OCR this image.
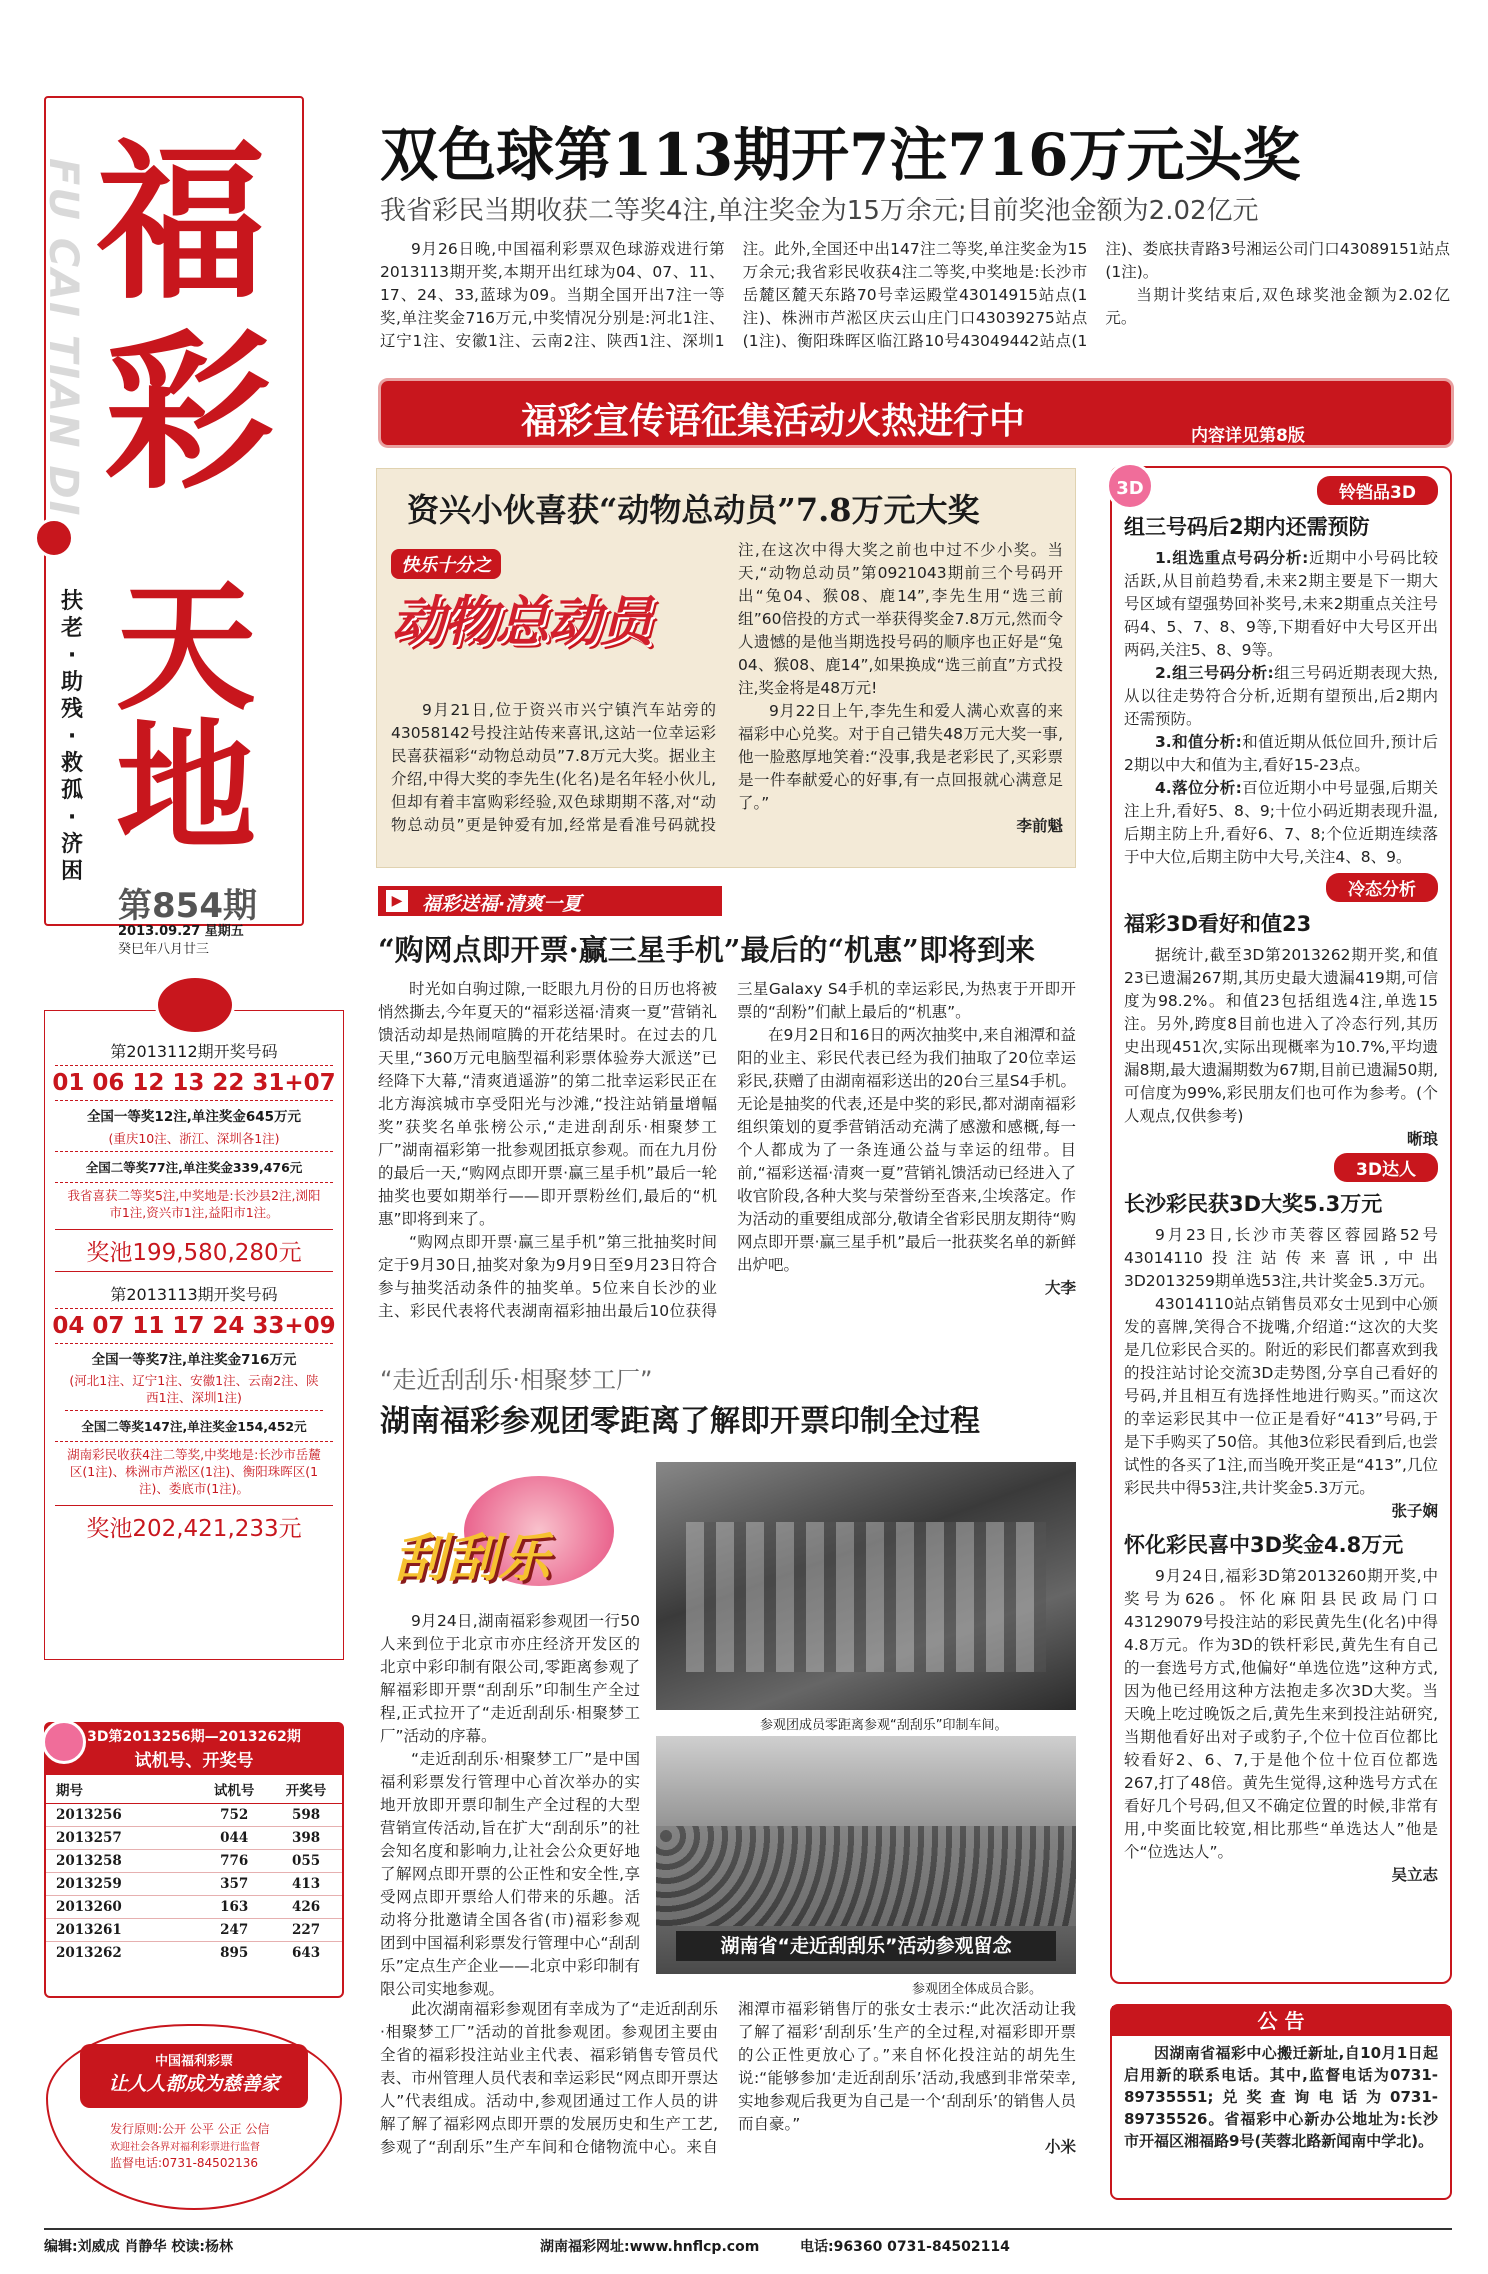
FU CAI TIAN DI 福
彩
天
地
扶老
·
助残
·
救孤
·
济困
第854期
2013.09.27 星期五
癸巳年八月廿三
双色球第113期开7注716万元头奖
我省彩民当期收获二等奖4注,单注奖金为15万余元;目前奖池金额为2.02亿元

9月26日晚,中国福利彩票双色球游戏进行第2013113期开奖,本期开出红球为04、07、11、17、24、33,蓝球为09。当期全国开出7注一等奖,单注奖金716万元,中奖情况分别是:河北1注、辽宁1注、安徽1注、云南2注、陕西1注、深圳1注。此外,全国还中出147注二等奖,单注奖金为15万余元;我省彩民收获4注二等奖,中奖地是:长沙市岳麓区麓天东路70号幸运殿堂43014915站点(1注)、株洲市芦淞区庆云山庄门口43039275站点(1注)、衡阳珠晖区临江路10号43049442站点(1注)、娄底扶青路3号湘运公司门口43089151站点(1注)。

当期计奖结束后,双色球奖池金额为2.02亿元。

福彩宣传语征集活动火热进行中	内容详见第8版
资兴小伙喜获“动物总动员”7.8万元大奖
快乐十分之
动物总动员

9月21日,位于资兴市兴宁镇汽车站旁的43058142号投注站传来喜讯,这站一位幸运彩民喜获福彩“动物总动员”7.8万元大奖。据业主介绍,中得大奖的李先生(化名)是名年轻小伙儿,但却有着丰富购彩经验,双色球期期不落,对“动物总动员”更是钟爱有加,经常是看准号码就投注,在这次中得大奖之前也中过不少小奖。当天,“动物总动员”第0921043期前三个号码开出“兔04、猴08、鹿14”,李先生用“选三前组”60倍投的方式一举获得奖金7.8万元,然而令人遗憾的是他当期选投号码的顺序也正好是“兔04、猴08、鹿14”,如果换成“选三前直”方式投注,奖金将是48万元!

9月22日上午,李先生和爱人满心欢喜的来福彩中心兑奖。对于自己错失48万元大奖一事,他一脸憨厚地笑着:“没事,我是老彩民了,买彩票是一件奉献爱心的好事,有一点回报就心满意足了。”

李前魁

▶ 福彩送福·清爽一夏
“购网点即开票·赢三星手机”最后的“机惠”即将到来

时光如白驹过隙,一眨眼九月份的日历也将被悄然撕去,今年夏天的“福彩送福·清爽一夏”营销礼馈活动却是热闹喧腾的开花结果时。在过去的几天里,“360万元电脑型福利彩票体验券大派送”已经降下大幕,“清爽逍遥游”的第二批幸运彩民正在北方海滨城市享受阳光与沙滩,“投注站销量增幅奖”获奖名单张榜公示,“走进刮刮乐·相聚梦工厂”湖南福彩第一批参观团抵京参观。而在九月份的最后一天,“购网点即开票·赢三星手机”最后一轮抽奖也要如期举行——即开票粉丝们,最后的“机惠”即将到来了。

“购网点即开票·赢三星手机”第三批抽奖时间定于9月30日,抽奖对象为9月9日至9月23日符合参与抽奖活动条件的抽奖单。5位来自长沙的业主、彩民代表将代表湖南福彩抽出最后10位获得三星Galaxy S4手机的幸运彩民,为热衷于开即开票的“刮粉”们献上最后的“机惠”。

在9月2日和16日的两次抽奖中,来自湘潭和益阳的业主、彩民代表已经为我们抽取了20位幸运彩民,获赠了由湖南福彩送出的20台三星S4手机。无论是抽奖的代表,还是中奖的彩民,都对湖南福彩组织策划的夏季营销活动充满了感激和感概,每一个人都成为了一条连通公益与幸运的纽带。目前,“福彩送福·清爽一夏”营销礼馈活动已经进入了收官阶段,各种大奖与荣誉纷至沓来,尘埃落定。作为活动的重要组成部分,敬请全省彩民朋友期待“购网点即开票·赢三星手机”最后一批获奖名单的新鲜出炉吧。

大李

“走近刮刮乐·相聚梦工厂”
湖南福彩参观团零距离了解即开票印制全过程
刮刮乐
参观团成员零距离参观“刮刮乐”印制车间。
湖南省“走近刮刮乐”活动参观留念
参观团全体成员合影。

9月24日,湖南福彩参观团一行50人来到位于北京市亦庄经济开发区的北京中彩印制有限公司,零距离参观了解福彩即开票“刮刮乐”印制生产全过程,正式拉开了“走近刮刮乐·相聚梦工厂”活动的序幕。

“走近刮刮乐·相聚梦工厂”是中国福利彩票发行管理中心首次举办的实地开放即开票印制生产全过程的大型营销宣传活动,旨在扩大“刮刮乐”的社会知名度和影响力,让社会公众更好地了解网点即开票的公正性和安全性,享受网点即开票给人们带来的乐趣。活动将分批邀请全国各省(市)福彩参观团到中国福利彩票发行管理中心“刮刮乐”定点生产企业——北京中彩印制有限公司实地参观。

此次湖南福彩参观团有幸成为了“走近刮刮乐·相聚梦工厂”活动的首批参观团。参观团主要由全省的福彩投注站业主代表、福彩销售专管员代表、市州管理人员代表和幸运彩民“网点即开票达人”代表组成。活动中,参观团通过工作人员的讲解了解了福彩网点即开票的发展历史和生产工艺,参观了“刮刮乐”生产车间和仓储物流中心。来自湘潭市福彩销售厅的张女士表示:“此次活动让我了解了福彩‘刮刮乐’生产的全过程,对福彩即开票的公正性更放心了。”来自怀化投注站的胡先生说:“能够参加‘走近刮刮乐’活动,我感到非常荣幸,实地参观后我更为自己是一个‘刮刮乐’的销售人员而自豪。”

小米

3D	铃铛品3D
组三号码后2期内还需预防

1.组选重点号码分析:近期中小号码比较活跃,从目前趋势看,未来2期主要是下一期大号区域有望强势回补奖号,未来2期重点关注号码4、5、7、8、9等,下期看好中大号区开出两码,关注5、8、9等。

2.组三号码分析:组三号码近期表现大热,从以往走势符合分析,近期有望预出,后2期内还需预防。

3.和值分析:和值近期从低位回升,预计后2期以中大和值为主,看好15-23点。

4.落位分析:百位近期小中号显强,后期关注上升,看好5、8、9;十位小码近期表现升温,后期主防上升,看好6、7、8;个位近期连续落于中大位,后期主防中大号,关注4、8、9。

冷态分析
福彩3D看好和值23

据统计,截至3D第2013262期开奖,和值23已遗漏267期,其历史最大遗漏419期,可信度为98.2%。和值23包括组选4注,单选15注。另外,跨度8目前也进入了冷态行列,其历史出现451次,实际出现概率为10.7%,平均遗漏8期,最大遗漏期数为67期,目前已遗漏50期,可信度为99%,彩民朋友们也可作为参考。(个人观点,仅供参考)

晰琅

3D达人
长沙彩民获3D大奖5.3万元

9月23日,长沙市芙蓉区蓉园路52号43014110投注站传来喜讯,中出3D2013259期单选53注,共计奖金5.3万元。

43014110站点销售员邓女士见到中心颁发的喜牌,笑得合不拢嘴,介绍道:“这次的大奖是几位彩民合买的。附近的彩民们都喜欢到我的投注站讨论交流3D走势图,分享自己看好的号码,并且相互有选择性地进行购买。”而这次的幸运彩民其中一位正是看好“413”号码,于是下手购买了50倍。其他3位彩民看到后,也尝试性的各买了1注,而当晚开奖正是“413”,几位彩民共中得53注,共计奖金5.3万元。

张子娴

怀化彩民喜中3D奖金4.8万元

9月24日,福彩3D第2013260期开奖,中奖号为626。怀化麻阳县民政局门口43129079号投注站的彩民黄先生(化名)中得4.8万元。作为3D的铁杆彩民,黄先生有自己的一套选号方式,他偏好“单选位选”这种方式,因为他已经用这种方法抱走多次3D大奖。当天晚上吃过晚饭之后,黄先生来到投注站研究,当期他看好出对子或豹子,个位十位百位都比较看好2、6、7,于是他个位十位百位都选267,打了48倍。黄先生觉得,这种选号方式在看好几个号码,但又不确定位置的时候,非常有用,中奖面比较宽,相比那些“单选达人”他是个“位选达人”。

吴立志

公 告

因湖南省福彩中心搬迁新址,自10月1日起启用新的联系电话。其中,监督电话为0731-89735551;兑奖查询电话为0731-89735526。省福彩中心新办公地址为:长沙市开福区湘福路9号(芙蓉北路新闻南中学北)。

第2013112期开奖号码
01 06 12 13 22 31+07
全国一等奖12注,单注奖金645万元
(重庆10注、浙江、深圳各1注)
全国二等奖77注,单注奖金339,476元
我省喜获二等奖5注,中奖地是:长沙县2注,浏阳市1注,资兴市1注,益阳市1注。
奖池199,580,280元
第2013113期开奖号码
04 07 11 17 24 33+09
全国一等奖7注,单注奖金716万元
(河北1注、辽宁1注、安徽1注、云南2注、陕西1注、深圳1注)
全国二等奖147注,单注奖金154,452元
湖南彩民收获4注二等奖,中奖地是:长沙市岳麓区(1注)、株洲市芦淞区(1注)、衡阳珠晖区(1注)、娄底市(1注)。
奖池202,421,233元
3D第2013256期—2013262期
试机号、开奖号
期号	试机号	开奖号
2013256	752	598
2013257	044	398
2013258	776	055
2013259	357	413
2013260	163	426
2013261	247	227
2013262	895	643
中国福利彩票
让人人都成为慈善家
发行原则:公开 公平 公正 公信
欢迎社会各界对福利彩票进行监督
监督电话:0731-84502136
编辑:刘威成 肖静华 校读:杨林	湖南福彩网址:www.hnflcp.com	电话:96360 0731-84502114
